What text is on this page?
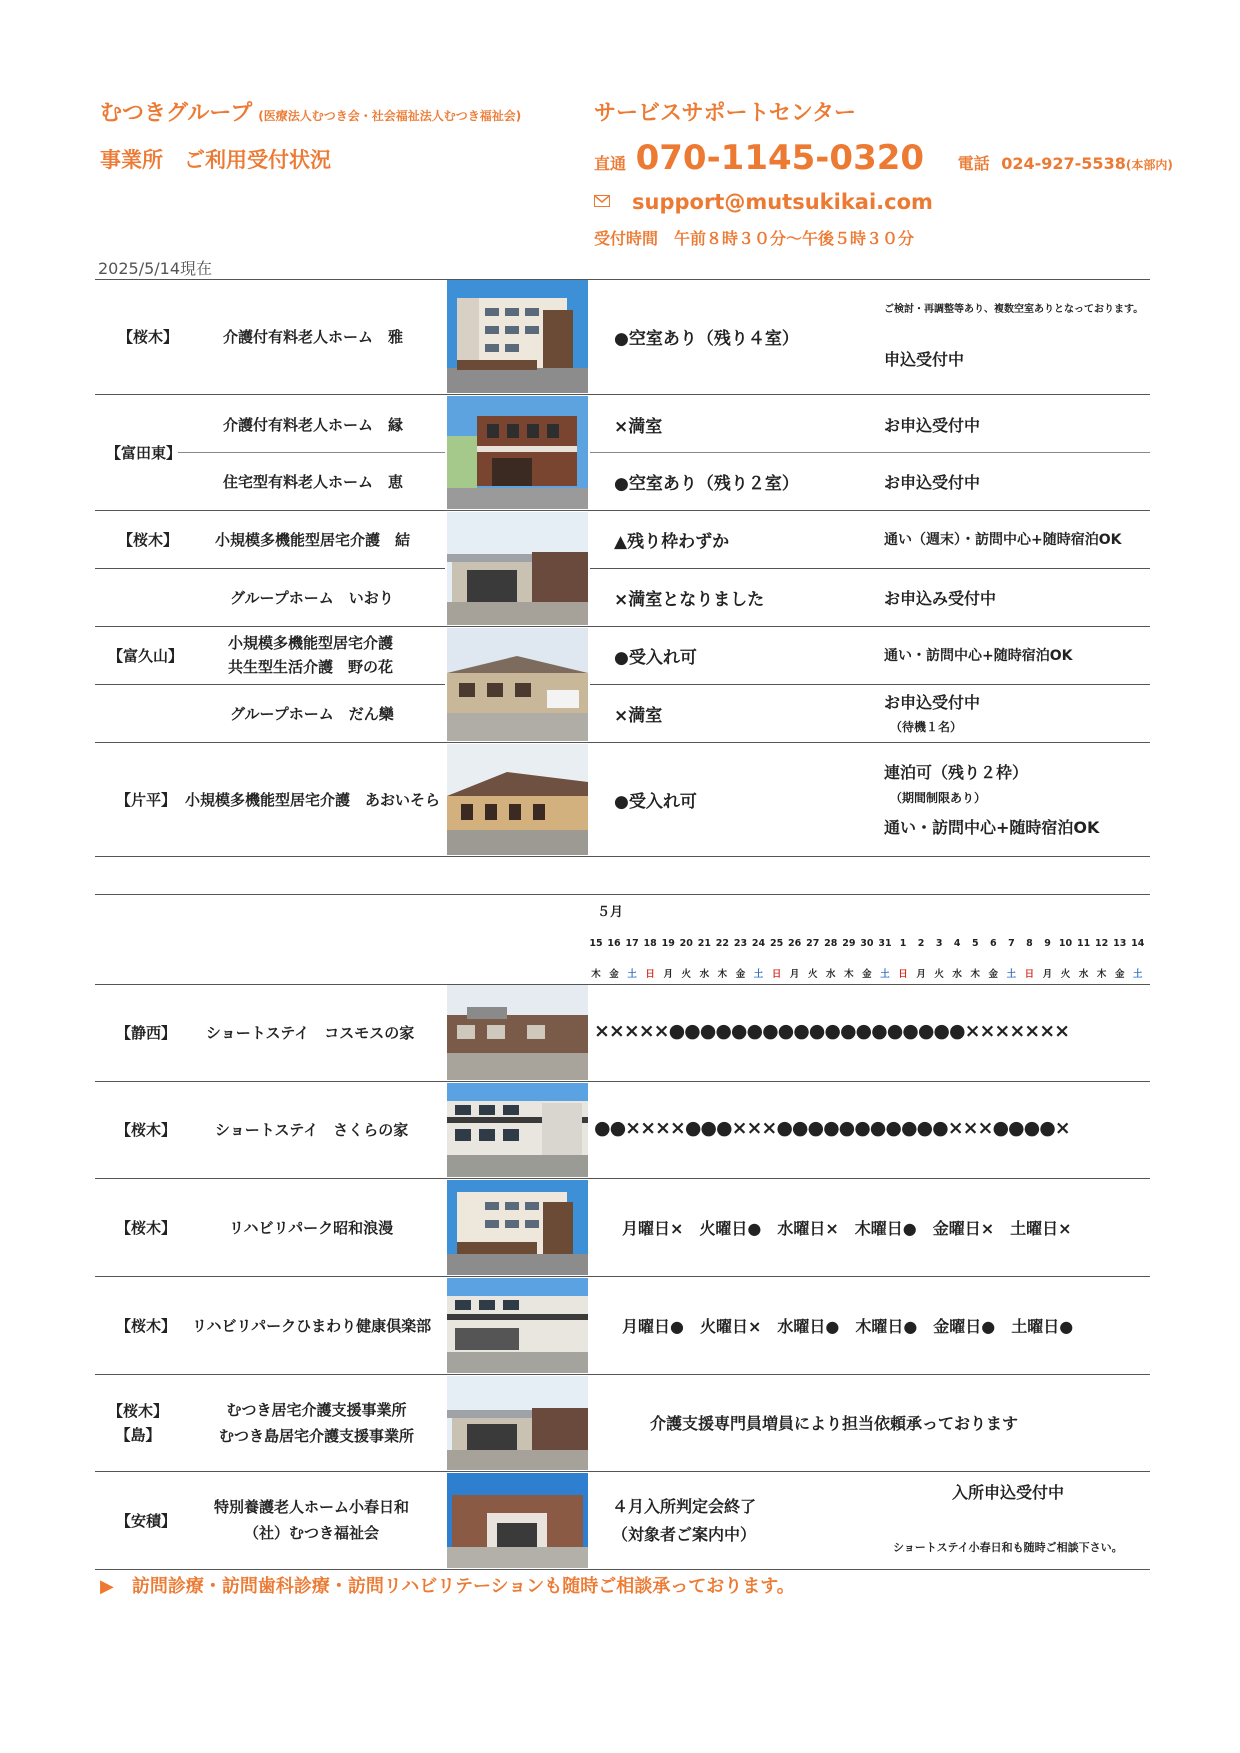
むつきグループ (医療法人むつき会・社会福祉法人むつき福祉会)
事業所　ご利用受付状況
サービスサポートセンター
直通 070-1145-0320 電話 024-927-5538(本部内)
support@mutsukikai.com
受付時間　午前８時３０分〜午後５時３０分
2025/5/14現在
【桜木】	介護付有料老人ホーム　雅	●空室あり（残り４室）
ご検討・再調整等あり、複数空室ありとなっております。
申込受付中
【富田東】
介護付有料老人ホーム　縁	×満室	お申込受付中
住宅型有料老人ホーム　恵	●空室あり（残り２室）	お申込受付中
【桜木】 小規模多機能型居宅介護　結	▲残り枠わずか	通い（週末）・訪問中心+随時宿泊OK
グループホーム　いおり	×満室となりました	お申込み受付中
【富久山】
小規模多機能型居宅介護
共生型生活介護　野の花	●受入れ可	通い・訪問中心+随時宿泊OK
グループホーム　だん欒	×満室
お申込受付中
（待機１名）
【片平】 小規模多機能型居宅介護　あおいそら	●受入れ可
連泊可（残り２枠）
（期間制限あり）
通い・訪問中心+随時宿泊OK
５月
15 16 17 18 19 20 21 22 23 24 25 26 27 28 29 30 31 1	2	3	4	5	6	7	8	9 10 11 12 13 14
木 金 土 日 月 火 水 木 金 土 日 月 火 水 木 金 土 日 月 火 水 木 金 土 日 月 火 水 木 金 土
【静西】 ショートステイ　コスモスの家	×××××●●●●●●●●●●●●●●●●●●●×××××××
【桜木】	ショートステイ　さくらの家	●●××××●●●×××●●●●●●●●●●●×××●●●●×
【桜木】	リハビリパーク昭和浪漫	月曜日×　火曜日●　水曜日×　木曜日●　金曜日×　土曜日×
【桜木】 リハビリパークひまわり健康倶楽部	月曜日●　火曜日×　水曜日●　木曜日●　金曜日●　土曜日●
【桜木】
【島】
むつき居宅介護支援事業所
むつき島居宅介護支援事業所
介護支援専門員増員により担当依頼承っております
【安積】
特別養護老人ホーム小春日和
（社）むつき福祉会
４月入所判定会終了
（対象者ご案内中）
入所申込受付中
ショートステイ小春日和も随時ご相談下さい。
▶ 訪問診療・訪問歯科診療・訪問リハビリテーションも随時ご相談承っております。
